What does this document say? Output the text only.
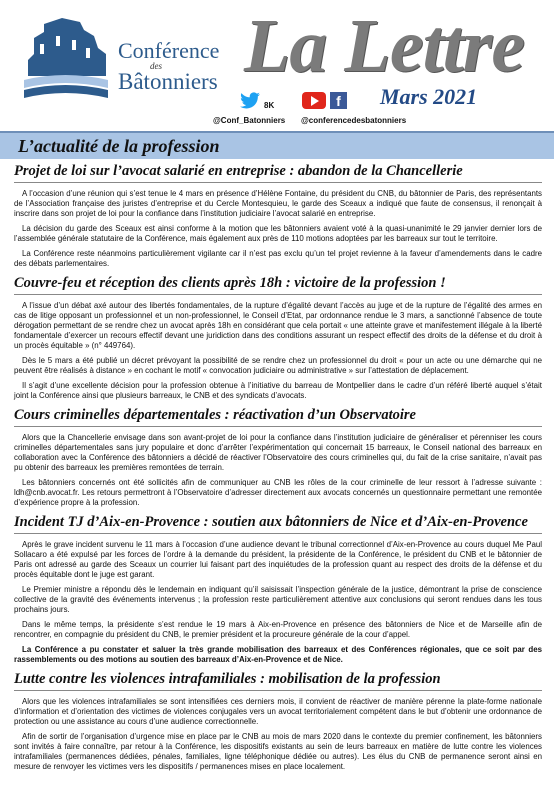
Conférence
des
Bâtonniers La Lettre
Mars 2021
8K	f
@Conf_Batonniers @conferencedesbatonniers
L’actualité de la profession
Projet de loi sur l’avocat salarié en entreprise : abandon de la Chancellerie

A l’occasion d’une réunion qui s’est tenue le 4 mars en présence d’Hélène Fontaine, du président du CNB, du bâtonnier de Paris, des représentants de l’Association française des juristes d’entreprise et du Cercle Montesquieu, le garde des Sceaux a indiqué que faute de consensus, il renonçait à inscrire dans son projet de loi pour la confiance dans l’institution judiciaire l’avocat salarié en entreprise.

La décision du garde des Sceaux est ainsi conforme à la motion que les bâtonniers avaient voté à la quasi-unanimité le 29 janvier dernier lors de l’assemblée générale statutaire de la Conférence, mais également aux près de 110 motions adoptées par les barreaux sur tout le territoire.

La Conférence reste néanmoins particulièrement vigilante car il n’est pas exclu qu’un tel projet revienne à la faveur d’amendements dans le cadre des débats parlementaires.

Couvre-feu et réception des clients après 18h : victoire de la profession !

A l’issue d’un débat axé autour des libertés fondamentales, de la rupture d’égalité devant l’accès au juge et de la rupture de l’égalité des armes en cas de litige opposant un professionnel et un non-professionnel, le Conseil d’Etat, par ordonnance rendue le 3 mars, a sanctionné l’absence de toute dérogation permettant de se rendre chez un avocat après 18h en considérant que cela portait « une atteinte grave et manifestement illégale à la liberté fondamentale d’exercer un recours effectif devant une juridiction dans des conditions assurant un respect effectif des droits de la défense et du droit à un procès équitable » (n° 449764).

Dès le 5 mars a été publié un décret prévoyant la possibilité de se rendre chez un professionnel du droit « pour un acte ou une démarche qui ne peuvent être réalisés à distance » en cochant le motif « convocation judiciaire ou administrative » sur l’attestation de déplacement.

Il s’agit d’une excellente décision pour la profession obtenue à l’initiative du barreau de Montpellier dans le cadre d’un référé liberté auquel s’était joint la Conférence ainsi que plusieurs barreaux, le CNB et des syndicats d’avocats.

Cours criminelles départementales : réactivation d’un Observatoire

Alors que la Chancellerie envisage dans son avant-projet de loi pour la confiance dans l’institution judiciaire de généraliser et pérenniser les cours criminelles départementales sans jury populaire et donc d’arrêter l’expérimentation qui concernait 15 barreaux, le Conseil national des barreaux en collaboration avec la Conférence des bâtonniers a décidé de réactiver l’Observatoire des cours criminelles qui, du fait de la crise sanitaire, n’avait pas pu obtenir des barreaux les premières remontées de terrain.

Les bâtonniers concernés ont été sollicités afin de communiquer au CNB les rôles de la cour criminelle de leur ressort à l’adresse suivante : ldh@cnb.avocat.fr. Les retours permettront à l’Observatoire d’adresser directement aux avocats concernés un questionnaire permettant une remontée d’expérience propre à la profession.

Incident TJ d’Aix-en-Provence : soutien aux bâtonniers de Nice et d’Aix-en-Provence

Après le grave incident survenu le 11 mars à l’occasion d’une audience devant le tribunal correctionnel d’Aix-en-Provence au cours duquel Me Paul Sollacaro a été expulsé par les forces de l’ordre à la demande du président, la présidente de la Conférence, le président du CNB et le bâtonnier de Paris ont adressé au garde des Sceaux un courrier lui faisant part des inquiétudes de la profession quant au respect des droits de la défense et du procès équitable dont le juge est garant.

Le Premier ministre a répondu dès le lendemain en indiquant qu’il saisissait l’inspection générale de la justice, démontrant la prise de conscience collective de la gravité des événements intervenus ; la profession reste particulièrement attentive aux conclusions qui seront rendues dans les tous prochains jours.

Dans le même temps, la présidente s’est rendue le 19 mars à Aix-en-Provence en présence des bâtonniers de Nice et de Marseille afin de rencontrer, en compagnie du président du CNB, le premier président et la procureure générale de la cour d’appel.

La Conférence a pu constater et saluer la très grande mobilisation des barreaux et des Conférences régionales, que ce soit par des rassemblements ou des motions au soutien des barreaux d’Aix-en-Provence et de Nice.

Lutte contre les violences intrafamiliales : mobilisation de la profession

Alors que les violences intrafamiliales se sont intensifiées ces derniers mois, il convient de réactiver de manière pérenne la plate-forme nationale d’information et d’orientation des victimes de violences conjugales vers un avocat territorialement compétent dans le but d’obtenir une ordonnance de protection ou une assistance au cours d’une audience correctionnelle.

Afin de sortir de l’organisation d’urgence mise en place par le CNB au mois de mars 2020 dans le contexte du premier confinement, les bâtonniers sont invités à faire connaître, par retour à la Conférence, les dispositifs existants au sein de leurs barreaux en matière de lutte contre les violences intrafamiliales (permanences dédiées, pénales, familiales, ligne téléphonique dédiée ou autres). Les élus du CNB de permanence seront ainsi en mesure de renvoyer les victimes vers les dispositifs / permanences mises en place localement.
